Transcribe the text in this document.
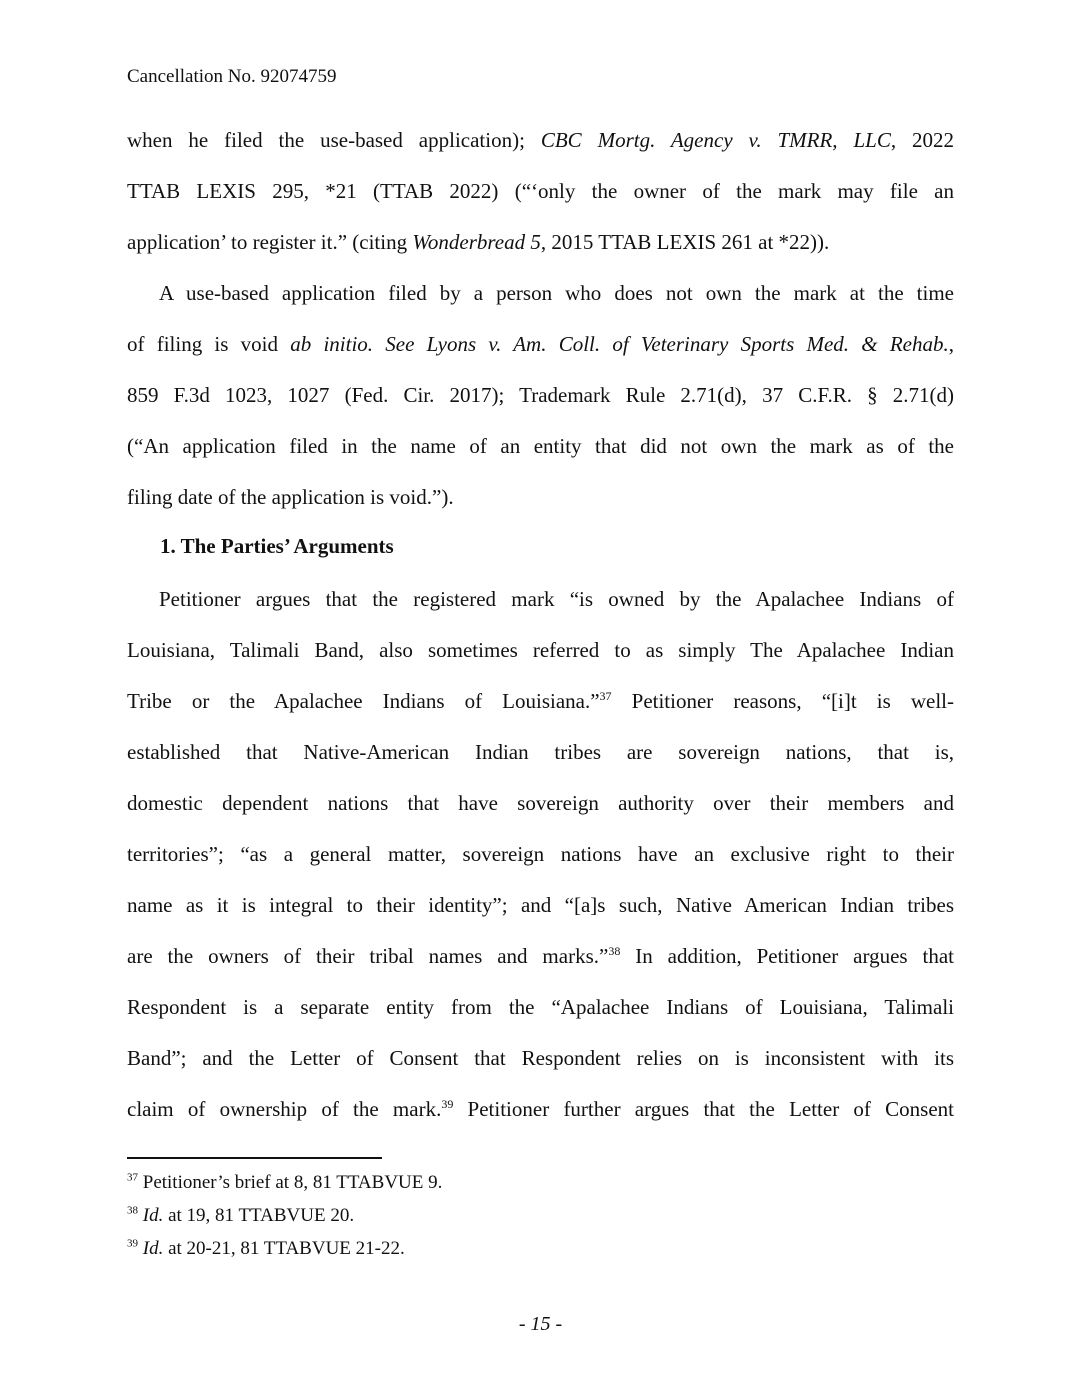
Cancellation No. 92074759
when he filed the use-based application); CBC Mortg. Agency v. TMRR, LLC, 2022
TTAB LEXIS 295, *21 (TTAB 2022) (“‘only the owner of the mark may file an
application’ to register it.” (citing Wonderbread 5, 2015 TTAB LEXIS 261 at *22)).
A use-based application filed by a person who does not own the mark at the time
of filing is void ab initio. See Lyons v. Am. Coll. of Veterinary Sports Med. & Rehab.,
859 F.3d 1023, 1027 (Fed. Cir. 2017); Trademark Rule 2.71(d), 37 C.F.R. § 2.71(d)
(“An application filed in the name of an entity that did not own the mark as of the
filing date of the application is void.”).
1. The Parties’ Arguments
Petitioner argues that the registered mark “is owned by the Apalachee Indians of
Louisiana, Talimali Band, also sometimes referred to as simply The Apalachee Indian
Tribe or the Apalachee Indians of Louisiana.”$^{37}$ Petitioner reasons, “[i]t is well-
established that Native-American Indian tribes are sovereign nations, that is,
domestic dependent nations that have sovereign authority over their members and
territories”; “as a general matter, sovereign nations have an exclusive right to their
name as it is integral to their identity”; and “[a]s such, Native American Indian tribes
are the owners of their tribal names and marks.”$^{38}$ In addition, Petitioner argues that
Respondent is a separate entity from the “Apalachee Indians of Louisiana, Talimali
Band”; and the Letter of Consent that Respondent relies on is inconsistent with its
claim of ownership of the mark.$^{39}$ Petitioner further argues that the Letter of Consent
$^{37}$ Petitioner’s brief at 8, 81 TTABVUE 9.
$^{38}$ Id. at 19, 81 TTABVUE 20.
$^{39}$ Id. at 20-21, 81 TTABVUE 21-22.
- 15 -
